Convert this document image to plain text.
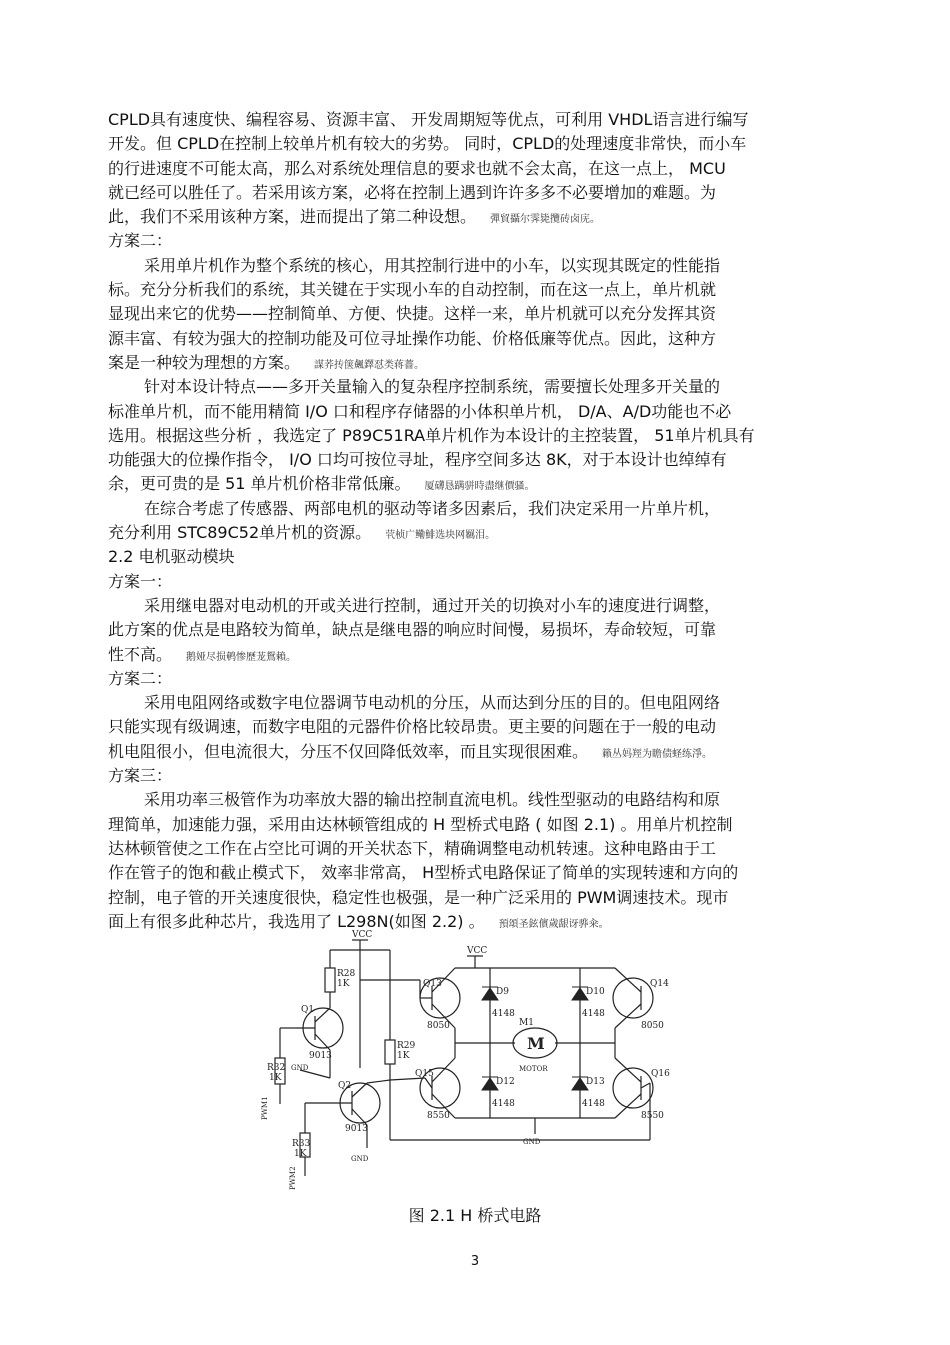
CPLD具有速度快、编程容易、资源丰富、 开发周期短等优点，可利用 VHDL语言进行编写
开发。但 CPLD在控制上较单片机有较大的劣势。 同时，CPLD的处理速度非常快，而小车
的行进速度不可能太高，那么对系统处理信息的要求也就不会太高，在这一点上， MCU
就已经可以胜任了。若采用该方案，必将在控制上遇到许许多多不必要增加的难题。为
此，我们不采用该种方案，进而提出了第二种设想。 彈貿攝尔霁毙攬砖卤庑。
方案二：
采用单片机作为整个系统的核心，用其控制行进中的小车，以实现其既定的性能指
标。充分分析我们的系统，其关键在于实现小车的自动控制，而在这一点上，单片机就
显现出来它的优势——控制简单、方便、快捷。这样一来，单片机就可以充分发挥其资
源丰富、有较为强大的控制功能及可位寻址操作功能、价格低廉等优点。因此，这种方
案是一种较为理想的方案。 謀荞抟箧飆鐸怼类蒋薔。
针对本设计特点——多开关量输入的复杂程序控制系统，需要擅长处理多开关量的
标准单片机，而不能用精简 I/O 口和程序存储器的小体积单片机， D/A、A/D功能也不必
选用。根据这些分析 ，我选定了 P89C51RA单片机作为本设计的主控装置， 51单片机具有
功能强大的位操作指令， I/O 口均可按位寻址，程序空间多达 8K，对于本设计也绰绰有
余，更可贵的是 51 单片机价格非常低廉。 厦礴恳蹒骈時盡继價骚。
在综合考虑了传感器、两部电机的驱动等诸多因素后，我们决定采用一片单片机，
充分利用 STC89C52单片机的资源。 茕桢广鳓鯡选块网羈泪。
2.2 电机驱动模块
方案一：
采用继电器对电动机的开或关进行控制，通过开关的切换对小车的速度进行调整，
此方案的优点是电路较为简单，缺点是继电器的响应时间慢，易损坏，寿命较短，可靠
性不高。 鹅娅尽损鹌惨歷茏鴛賴。
方案二：
采用电阻网络或数字电位器调节电动机的分压，从而达到分压的目的。但电阻网络
只能实现有级调速，而数字电阻的元器件价格比较昂贵。更主要的问题在于一般的电动
机电阻很小，但电流很大，分压不仅回降低效率，而且实现很困难。 籟丛妈羥为瞻债蛏练淨。
方案三：
采用功率三极管作为功率放大器的输出控制直流电机。线性型驱动的电路结构和原
理简单，加速能力强，采用由达林顿管组成的 H 型桥式电路 ( 如图 2.1) 。用单片机控制
达林顿管使之工作在占空比可调的开关状态下，精确调整电动机转速。这种电路由于工
作在管子的饱和截止模式下， 效率非常高， H型桥式电路保证了简单的实现转速和方向的
控制，电子管的开关速度很快，稳定性也极强，是一种广泛采用的 PWM调速技术。现市
面上有很多此种芯片，我选用了 L298N(如图 2.2) 。 預頌圣鉉儐歲龈讶骅籴。
VCC
VCC
R28
1K
R29
1K
R32
1K
R33
1K
Q1
9013
Q2
9013
Q13
8050
Q14
8050
Q15
8550
Q16
8550
D9
4148
D10
4148
D12
4148
D13
4148
M1
M
MOTOR
GND
GND
GND
PWM1
PWM2
图 2.1 H 桥式电路
3
